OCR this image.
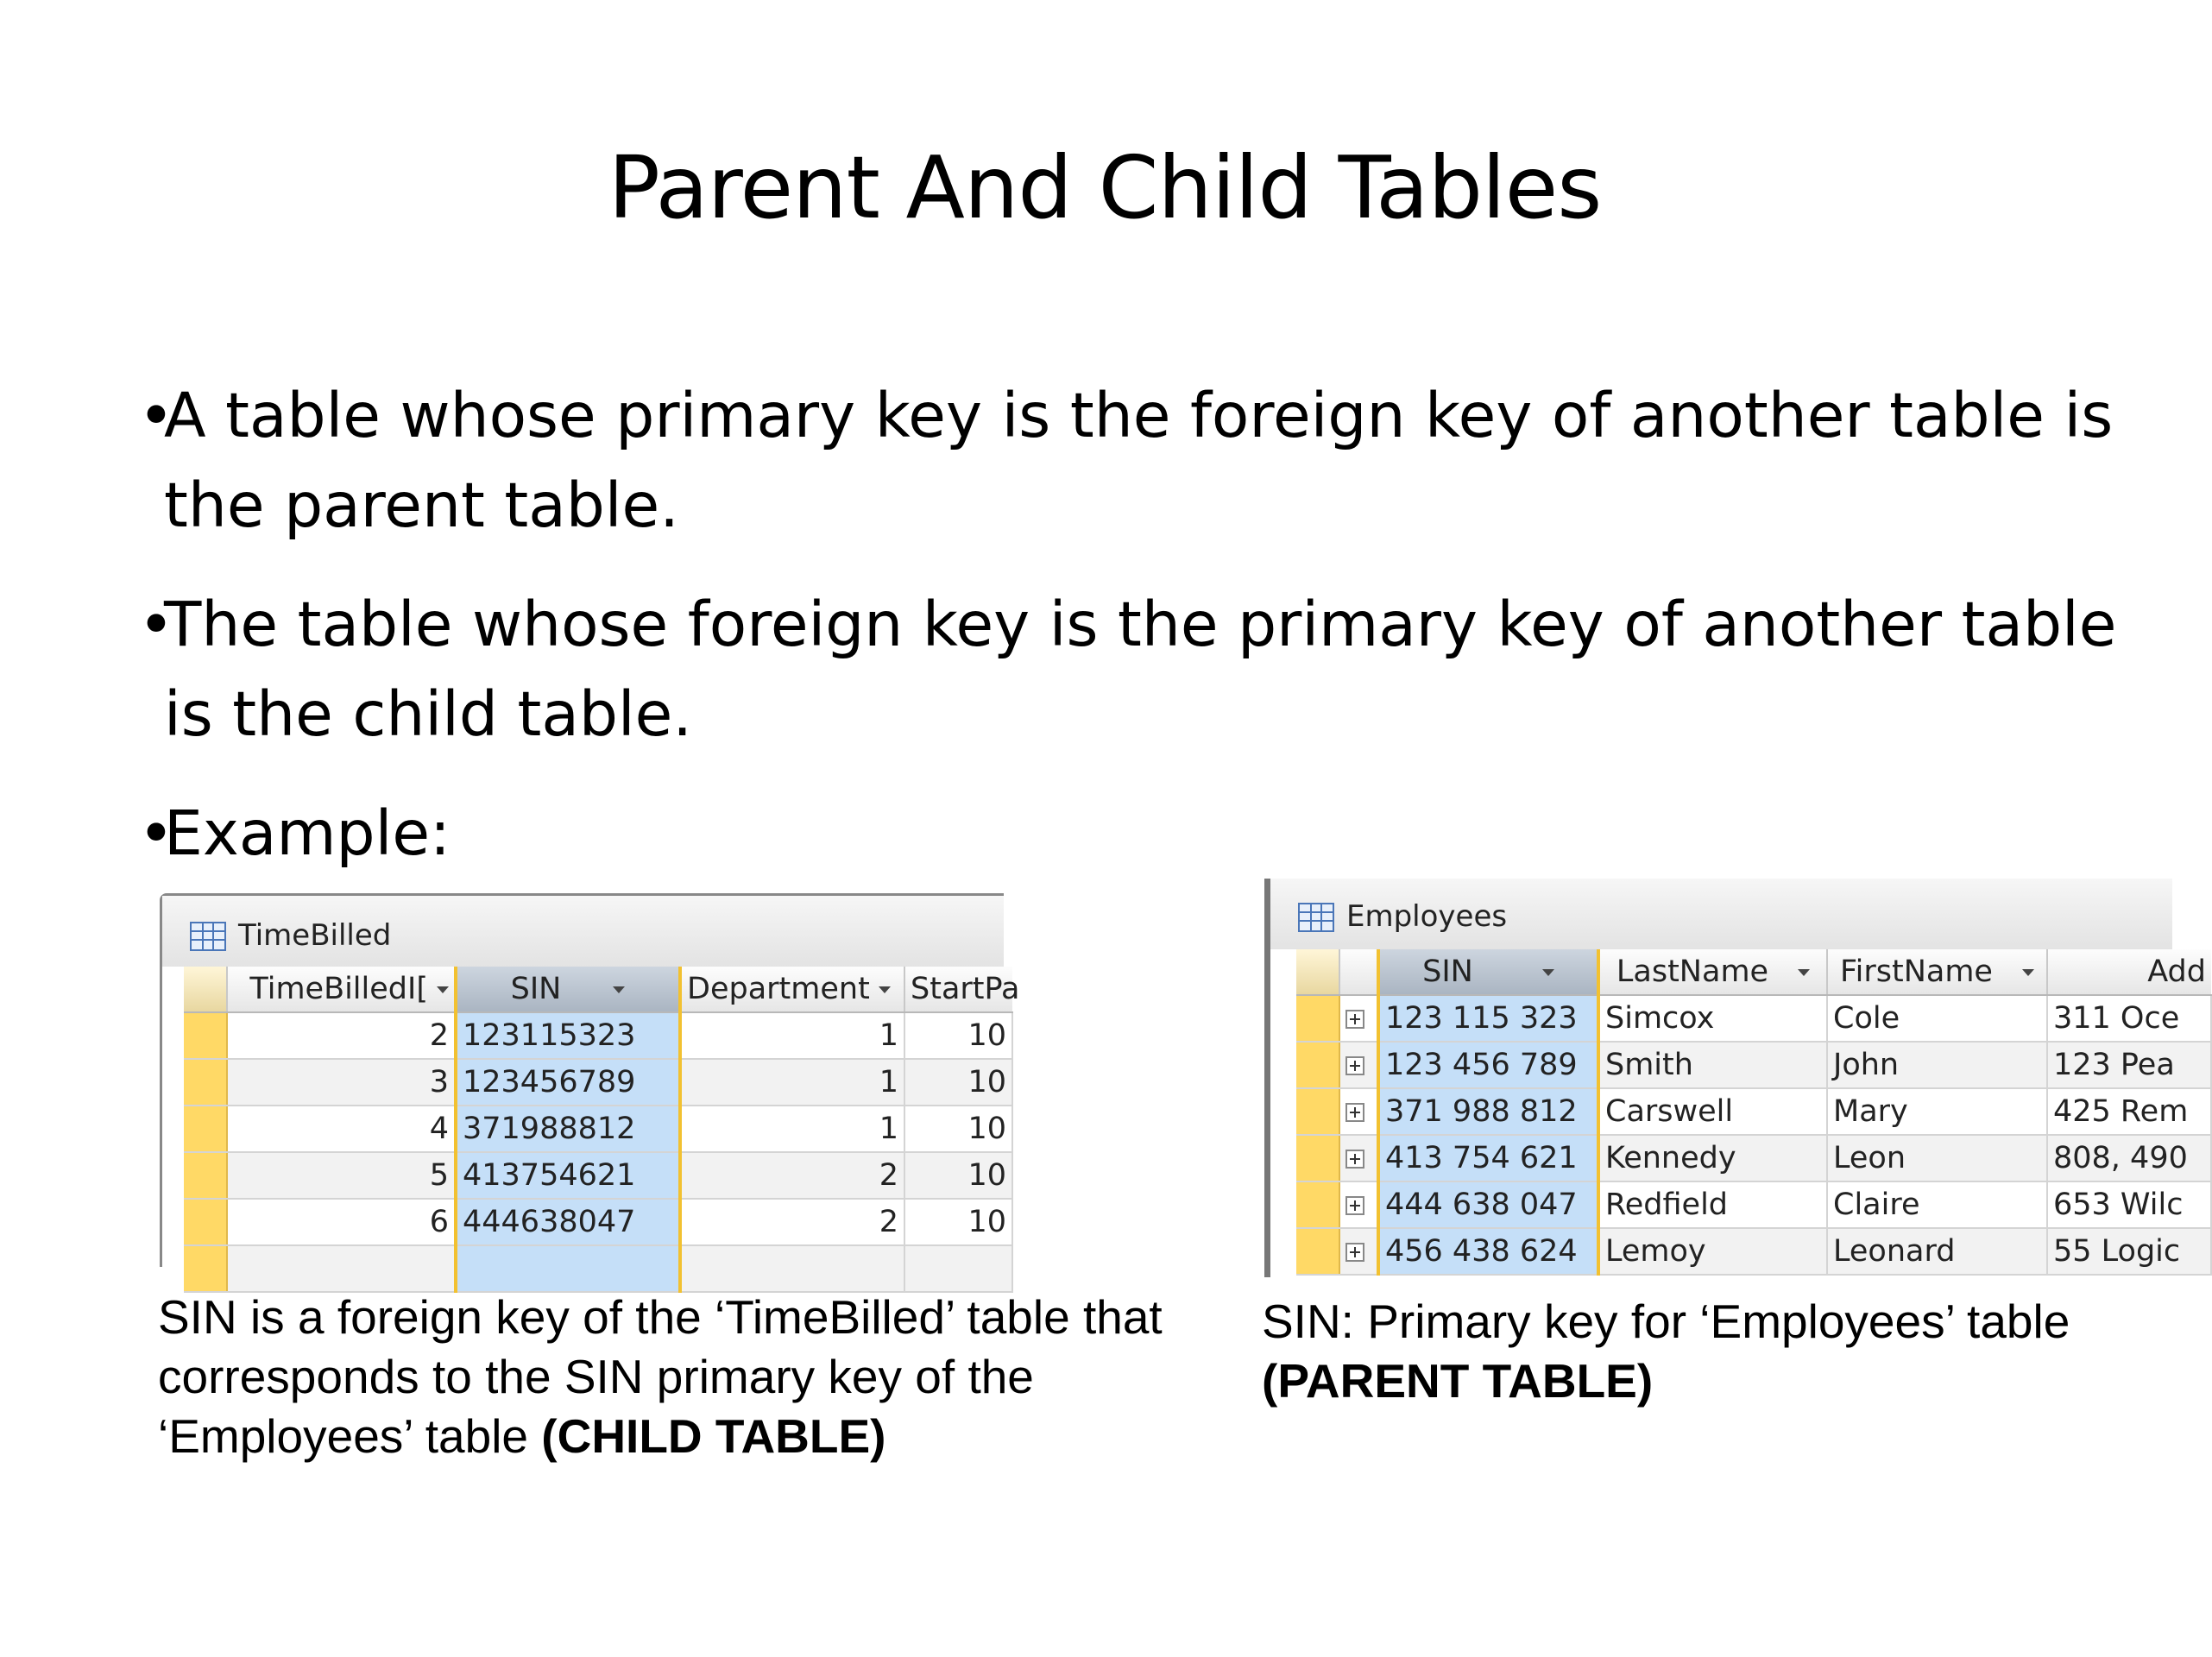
Parent And Child Tables
•
A table whose primary key is the foreign key of another table is the parent table.
•
The table whose foreign key is the primary key of another table is the child table.
•
Example:
TimeBilled
	TimeBilledI[	SIN	Department	StartPa
	2	123115323	1	10
	3	123456789	1	10
	4	371988812	1	10
	5	413754621	2	10
	6	444638047	2	10

SIN is a foreign key of the ‘TimeBilled’ table that corresponds to the SIN primary key of the ‘Employees’ table (CHILD TABLE)
Employees
		SIN	LastName	FirstName	Add
		123 115 323	Simcox	Cole	311 Oce
		123 456 789	Smith	John	123 Pea
		371 988 812	Carswell	Mary	425 Rem
		413 754 621	Kennedy	Leon	808, 490
		444 638 047	Redfield	Claire	653 Wilc
		456 438 624	Lemoy	Leonard	55 Logic
SIN: Primary key for ‘Employees’ table (PARENT TABLE)
